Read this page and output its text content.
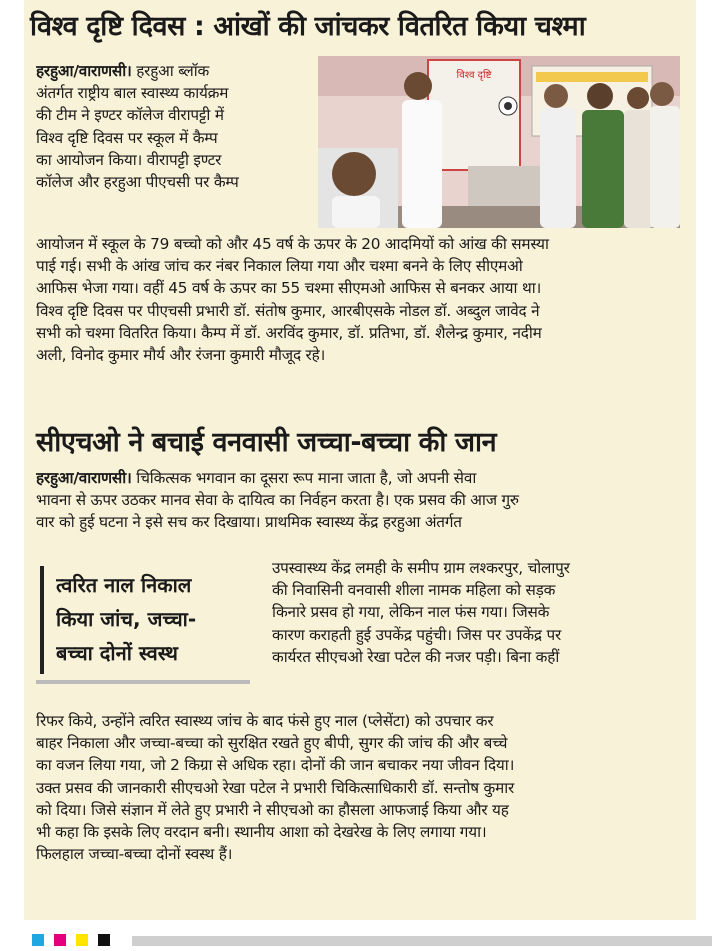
विश्व दृष्टि दिवस : आंखों की जांचकर वितरित किया चश्मा
हरहुआ/वाराणसी। हरहुआ ब्लॉक
अंतर्गत राष्ट्रीय बाल स्वास्थ्य कार्यक्रम
की टीम ने इण्टर कॉलेज वीरापट्टी में
विश्व दृष्टि दिवस पर स्कूल में कैम्प
का आयोजन किया। वीरापट्टी इण्टर
कॉलेज और हरहुआ पीएचसी पर कैम्प
विश्व दृष्टि
आयोजन में स्कूल के 79 बच्चो को और 45 वर्ष के ऊपर के 20 आदमियों को आंख की समस्या
पाई गई। सभी के आंख जांच कर नंबर निकाल लिया गया और चश्मा बनने के लिए सीएमओ
आफिस भेजा गया। वहीं 45 वर्ष के ऊपर का 55 चश्मा सीएमओ आफिस से बनकर आया था।
विश्व दृष्टि दिवस पर पीएचसी प्रभारी डॉ. संतोष कुमार, आरबीएसके नोडल डॉ. अब्दुल जावेद ने
सभी को चश्मा वितरित किया। कैम्प में डॉ. अरविंद कुमार, डॉ. प्रतिभा, डॉ. शैलेन्द्र कुमार, नदीम
अली, विनोद कुमार मौर्य और रंजना कुमारी मौजूद रहे।
सीएचओ ने बचाई वनवासी जच्चा-बच्चा की जान
हरहुआ/वाराणसी। चिकित्सक भगवान का दूसरा रूप माना जाता है, जो अपनी सेवा
भावना से ऊपर उठकर मानव सेवा के दायित्व का निर्वहन करता है। एक प्रसव की आज गुरु
वार को हुई घटना ने इसे सच कर दिखाया। प्राथमिक स्वास्थ्य केंद्र हरहुआ अंतर्गत
त्वरित नाल निकाल
किया जांच, जच्चा-
बच्चा दोनों स्वस्थ
उपस्वास्थ्य केंद्र लमही के समीप ग्राम लश्करपुर, चोलापुर
की निवासिनी वनवासी शीला नामक महिला को सड़क
किनारे प्रसव हो गया, लेकिन नाल फंस गया। जिसके
कारण कराहती हुई उपकेंद्र पहुंची। जिस पर उपकेंद्र पर
कार्यरत सीएचओ रेखा पटेल की नजर पड़ी। बिना कहीं
रिफर किये, उन्होंने त्वरित स्वास्थ्य जांच के बाद फंसे हुए नाल (प्लेसेंटा) को उपचार कर
बाहर निकाला और जच्चा-बच्चा को सुरक्षित रखते हुए बीपी, सुगर की जांच की और बच्चे
का वजन लिया गया, जो 2 किग्रा से अधिक रहा। दोनों की जान बचाकर नया जीवन दिया।
उक्त प्रसव की जानकारी सीएचओ रेखा पटेल ने प्रभारी चिकित्साधिकारी डॉ. सन्तोष कुमार
को दिया। जिसे संज्ञान में लेते हुए प्रभारी ने सीएचओ का हौसला आफजाई किया और यह
भी कहा कि इसके लिए वरदान बनी। स्थानीय आशा को देखरेख के लिए लगाया गया।
फिलहाल जच्चा-बच्चा दोनों स्वस्थ हैं।
